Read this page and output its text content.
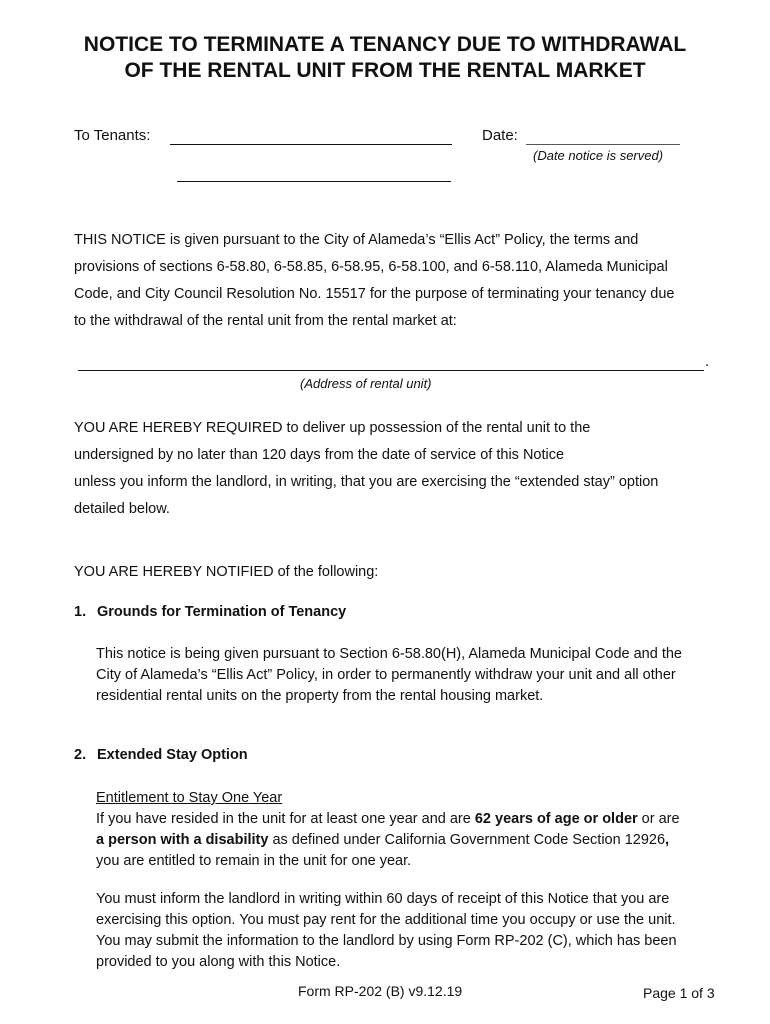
NOTICE TO TERMINATE A TENANCY DUE TO WITHDRAWAL
OF THE RENTAL UNIT FROM THE RENTAL MARKET
To Tenants:	Date:
(Date notice is served)
THIS NOTICE is given pursuant to the City of Alameda’s “Ellis Act” Policy, the terms and
provisions of sections 6-58.80, 6-58.85, 6-58.95, 6-58.100, and 6-58.110, Alameda Municipal
Code, and City Council Resolution No. 15517 for the purpose of terminating your tenancy due
to the withdrawal of the rental unit from the rental market at:
.
(Address of rental unit)
YOU ARE HEREBY REQUIRED to deliver up possession of the rental unit to the
undersigned by no later than 120 days from the date of service of this Notice
unless you inform the landlord, in writing, that you are exercising the “extended stay” option
detailed below.
YOU ARE HEREBY NOTIFIED of the following:
1. Grounds for Termination of Tenancy
This notice is being given pursuant to Section 6-58.80(H), Alameda Municipal Code and the
City of Alameda’s “Ellis Act” Policy, in order to permanently withdraw your unit and all other
residential rental units on the property from the rental housing market.
2. Extended Stay Option
Entitlement to Stay One Year
If you have resided in the unit for at least one year and are 62 years of age or older or are
a person with a disability as defined under California Government Code Section 12926,
you are entitled to remain in the unit for one year.
You must inform the landlord in writing within 60 days of receipt of this Notice that you are
exercising this option. You must pay rent for the additional time you occupy or use the unit.
You may submit the information to the landlord by using Form RP-202 (C), which has been
provided to you along with this Notice.
Form RP-202 (B) v9.12.19	Page 1 of 3
